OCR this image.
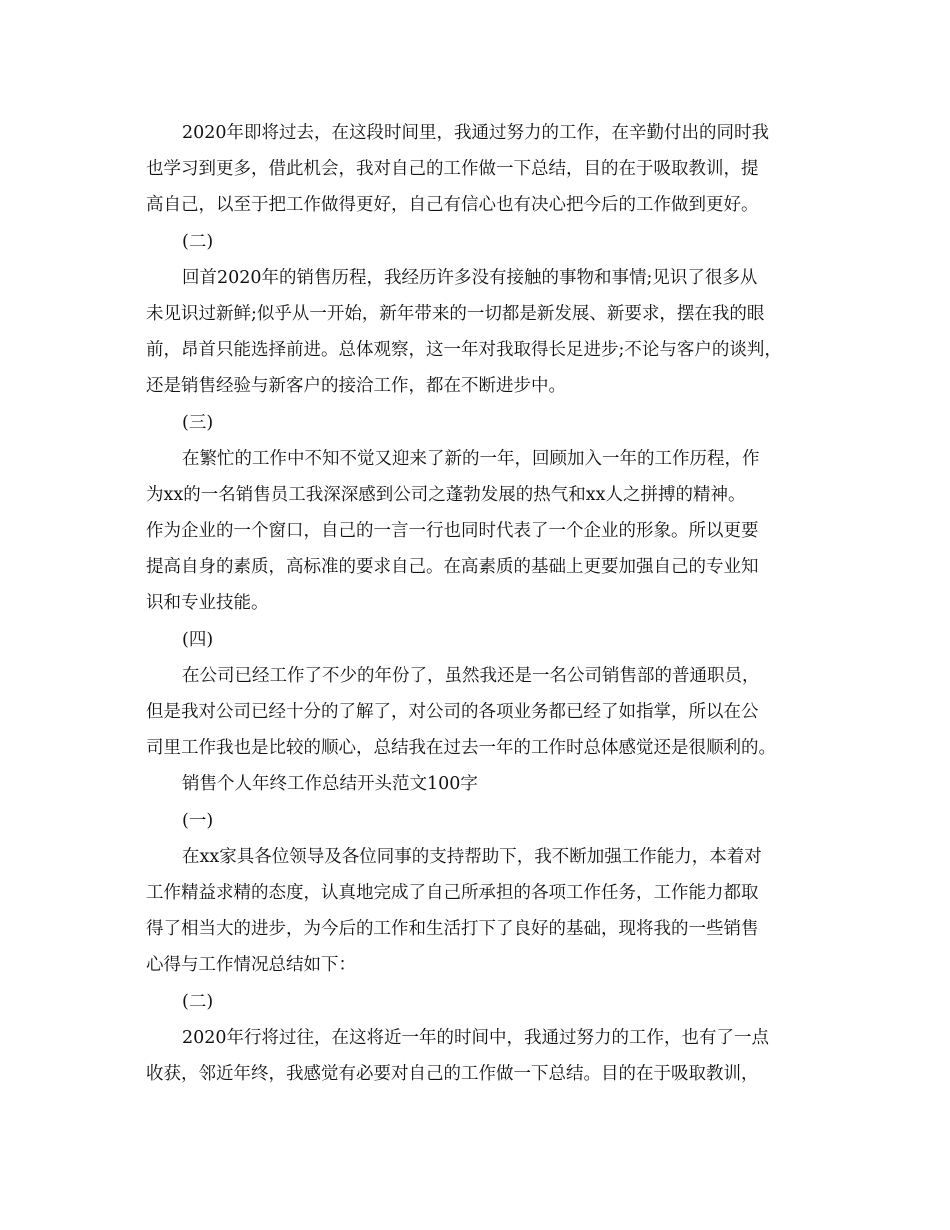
2020年即将过去，在这段时间里，我通过努力的工作，在辛勤付出的同时我
也学习到更多，借此机会，我对自己的工作做一下总结，目的在于吸取教训，提
高自己，以至于把工作做得更好，自己有信心也有决心把今后的工作做到更好。
(二)
回首2020年的销售历程，我经历许多没有接触的事物和事情;见识了很多从
未见识过新鲜;似乎从一开始，新年带来的一切都是新发展、新要求，摆在我的眼
前，昂首只能选择前进。总体观察，这一年对我取得长足进步;不论与客户的谈判，
还是销售经验与新客户的接洽工作，都在不断进步中。
(三)
在繁忙的工作中不知不觉又迎来了新的一年，回顾加入一年的工作历程，作
为xx的一名销售员工我深深感到公司之蓬勃发展的热气和xx人之拼搏的精神。
作为企业的一个窗口，自己的一言一行也同时代表了一个企业的形象。所以更要
提高自身的素质，高标准的要求自己。在高素质的基础上更要加强自己的专业知
识和专业技能。
(四)
在公司已经工作了不少的年份了，虽然我还是一名公司销售部的普通职员，
但是我对公司已经十分的了解了，对公司的各项业务都已经了如指掌，所以在公
司里工作我也是比较的顺心，总结我在过去一年的工作时总体感觉还是很顺利的。
销售个人年终工作总结开头范文100字
(一)
在xx家具各位领导及各位同事的支持帮助下，我不断加强工作能力，本着对
工作精益求精的态度，认真地完成了自己所承担的各项工作任务，工作能力都取
得了相当大的进步，为今后的工作和生活打下了良好的基础，现将我的一些销售
心得与工作情况总结如下：
(二)
2020年行将过往，在这将近一年的时间中，我通过努力的工作，也有了一点
收获，邻近年终，我感觉有必要对自己的工作做一下总结。目的在于吸取教训，
